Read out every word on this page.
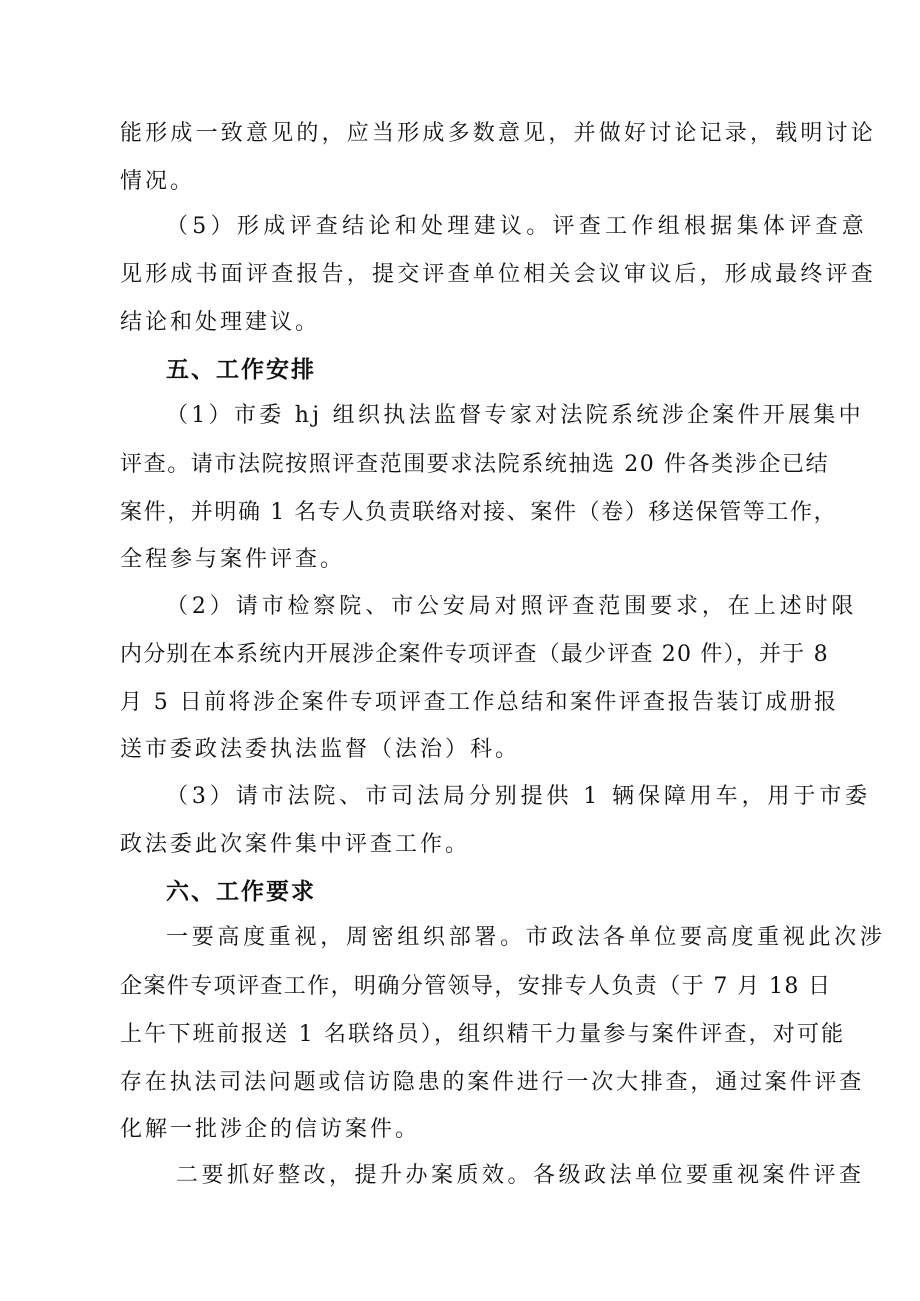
能形成一致意见的，应当形成多数意见，并做好讨论记录，载明讨论
情况。
（5）形成评查结论和处理建议。评查工作组根据集体评查意
见形成书面评查报告，提交评查单位相关会议审议后，形成最终评查
结论和处理建议。
五、工作安排
（1）市委 hj 组织执法监督专家对法院系统涉企案件开展集中
评查。请市法院按照评查范围要求法院系统抽选 20 件各类涉企已结
案件，并明确 1 名专人负责联络对接、案件（卷）移送保管等工作，
全程参与案件评查。
（2）请市检察院、市公安局对照评查范围要求，在上述时限
内分别在本系统内开展涉企案件专项评查（最少评查 20 件），并于 8
月 5 日前将涉企案件专项评查工作总结和案件评查报告装订成册报
送市委政法委执法监督（法治）科。
（3）请市法院、市司法局分别提供 1 辆保障用车，用于市委
政法委此次案件集中评查工作。
六、工作要求
一要高度重视，周密组织部署。市政法各单位要高度重视此次涉
企案件专项评查工作，明确分管领导，安排专人负责（于 7 月 18 日
上午下班前报送 1 名联络员），组织精干力量参与案件评查，对可能
存在执法司法问题或信访隐患的案件进行一次大排查，通过案件评查
化解一批涉企的信访案件。
二要抓好整改，提升办案质效。各级政法单位要重视案件评查
